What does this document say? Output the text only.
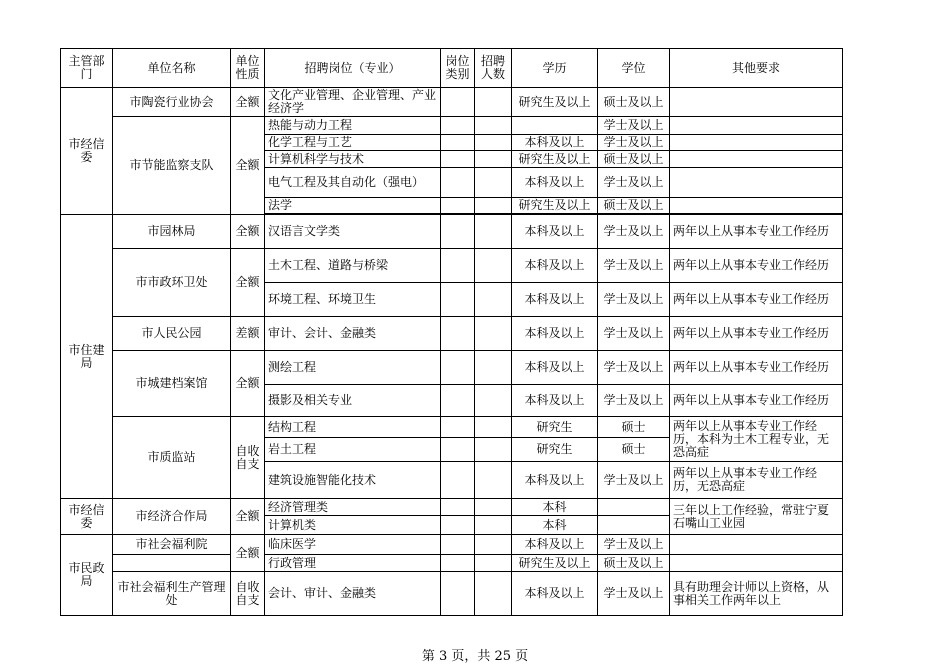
主管部门	单位名称	单位性质	招聘岗位（专业）	岗位类别	招聘人数	学历	学位	其他要求
市经信委	市陶瓷行业协会	全额	文化产业管理、企业管理、产业经济学			研究生及以上	硕士及以上	
	市节能监察支队	全额	热能与动力工程				学士及以上	
			化学工程与工艺			本科及以上	学士及以上	
			计算机科学与技术			研究生及以上	硕士及以上	
			电气工程及其自动化（强电）			本科及以上	学士及以上	
			法学			研究生及以上	硕士及以上	

市住建局	市园林局	全额	汉语言文学类			本科及以上	学士及以上	两年以上从事本专业工作经历
	市市政环卫处	全额	土木工程、道路与桥梁			本科及以上	学士及以上	两年以上从事本专业工作经历
			环境工程、环境卫生			本科及以上	学士及以上	两年以上从事本专业工作经历
	市人民公园	差额	审计、会计、金融类			本科及以上	学士及以上	两年以上从事本专业工作经历
	市城建档案馆	全额	测绘工程			本科及以上	学士及以上	两年以上从事本专业工作经历
			摄影及相关专业			本科及以上	学士及以上	两年以上从事本专业工作经历
	市质监站	自收自支	结构工程			研究生	硕士	两年以上从事本专业工作经历，本科为土木工程专业，无恐高症
			岩土工程			研究生	硕士	
			建筑设施智能化技术			本科及以上	学士及以上	两年以上从事本专业工作经历，无恐高症
市经信委	市经济合作局	全额	经济管理类			本科		三年以上工作经验，常驻宁夏石嘴山工业园
			计算机类			本科		
市民政局	市社会福利院	全额	临床医学			本科及以上	学士及以上	
			行政管理			研究生及以上	硕士及以上	
	市社会福利生产管理处	自收自支	会计、审计、金融类			本科及以上	学士及以上	具有助理会计师以上资格，从事相关工作两年以上
第 3 页，共 25 页
